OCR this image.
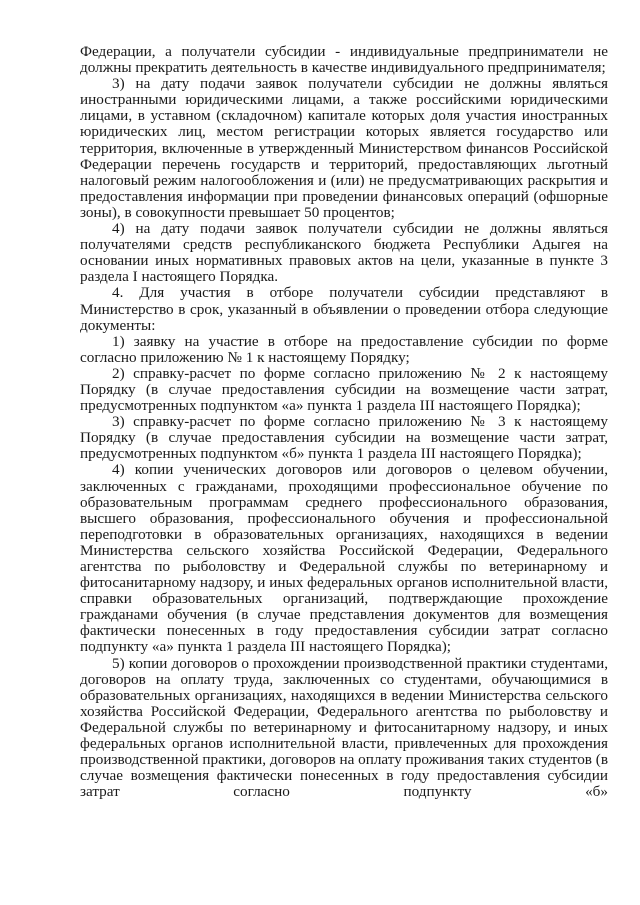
Федерации, а получатели субсидии - индивидуальные предприниматели не должны прекратить деятельность в качестве индивидуального предпринимателя;

3) на дату подачи заявок получатели субсидии не должны являться иностранными юридическими лицами, а также российскими юридическими лицами, в уставном (складочном) капитале которых доля участия иностранных юридических лиц, местом регистрации которых является государство или территория, включенные в утвержденный Министерством финансов Российской Федерации перечень государств и территорий, предоставляющих льготный налоговый режим налогообложения и (или) не предусматривающих раскрытия и предоставления информации при проведении финансовых операций (офшорные зоны), в совокупности превышает 50 процентов;

4) на дату подачи заявок получатели субсидии не должны являться получателями средств республиканского бюджета Республики Адыгея на основании иных нормативных правовых актов на цели, указанные в пункте 3 раздела I настоящего Порядка.

4. Для участия в отборе получатели субсидии представляют в Министерство в срок, указанный в объявлении о проведении отбора следующие документы:

1) заявку на участие в отборе на предоставление субсидии по форме согласно приложению № 1 к настоящему Порядку;

2) справку-расчет по форме согласно приложению № 2 к настоящему Порядку (в случае предоставления субсидии на возмещение части затрат, предусмотренных подпунктом «а» пункта 1 раздела III настоящего Порядка);

3) справку-расчет по форме согласно приложению № 3 к настоящему Порядку (в случае предоставления субсидии на возмещение части затрат, предусмотренных подпунктом «б» пункта 1 раздела III настоящего Порядка);

4) копии ученических договоров или договоров о целевом обучении, заключенных с гражданами, проходящими профессиональное обучение по образовательным программам среднего профессионального образования, высшего образования, профессионального обучения и профессиональной переподготовки в образовательных организациях, находящихся в ведении Министерства сельского хозяйства Российской Федерации, Федерального агентства по рыболовству и Федеральной службы по ветеринарному и фитосанитарному надзору, и иных федеральных органов исполнительной власти, справки образовательных организаций, подтверждающие прохождение гражданами обучения (в случае представления документов для возмещения фактически понесенных в году предоставления субсидии затрат согласно подпункту «а» пункта 1 раздела III настоящего Порядка);

5) копии договоров о прохождении производственной практики студентами, договоров на оплату труда, заключенных со студентами, обучающимися в образовательных организациях, находящихся в ведении Министерства сельского хозяйства Российской Федерации, Федерального агентства по рыболовству и Федеральной службы по ветеринарному и фитосанитарному надзору, и иных федеральных органов исполнительной власти, привлеченных для прохождения производственной практики, договоров на оплату проживания таких студентов (в случае возмещения фактически понесенных в году предоставления субсидии затрат согласно подпункту «б»
